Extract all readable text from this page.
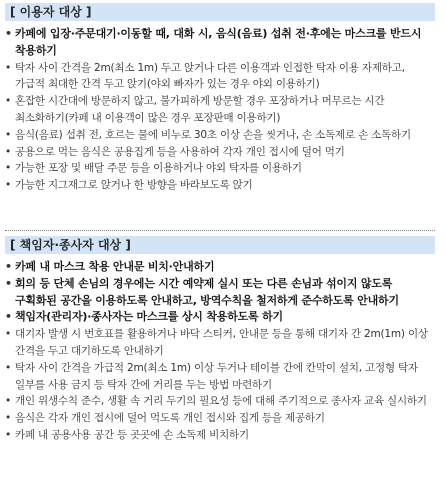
[ 이용자 대상 ]
• 카페에 입장·주문대기·이동할 때, 대화 시, 음식(음료) 섭취 전·후에는 마스크를 반드시 착용하기
• 탁자 사이 간격을 2m(최소 1m) 두고 앉거나 다른 이용객과 인접한 탁자 이용 자제하고, 가급적 최대한 간격 두고 앉기(야외 빠자가 있는 경우 야외 이용하기)
• 혼잡한 시간대에 방문하지 않고, 불가피하게 방문할 경우 포장하거나 머무르는 시간 최소화하기(카페 내 이용객이 많은 경우 포장판매 이용하기)
• 음식(음료) 섭취 전, 호르는 물에 비누로 30초 이상 손을 씻거나, 손 소독제로 손 소독하기
• 공용으로 먹는 음식은 공용집게 등을 사용하여 각자 개인 접시에 덜어 먹기
• 가능한 포장 및 배달 주문 등을 이용하거나 야외 탁자를 이용하기
• 가능한 지그재그로 앉거나 한 방향을 바라보도록 앉기
[ 책임자·종사자 대상 ]
• 카페 내 마스크 착용 안내문 비치·안내하기
• 회의 등 단체 손님의 경우에는 시간 예약제 실시 또는 다른 손님과 섞이지 않도록 구획화된 공간을 이용하도록 안내하고, 방역수칙을 철저하게 준수하도록 안내하기
• 책임자(관리자)·종사자는 마스크를 상시 착용하도록 하기
• 대기자 발생 시 번호표를 활용하거나 바닥 스티커, 안내문 등을 통해 대기자 간 2m(1m) 이상 간격을 두고 대기하도록 안내하기
• 탁자 사이 간격을 가급적 2m(최소 1m) 이상 두거나 테이블 간에 칸막이 설치, 고정형 탁자 일부를 사용 금지 등 탁자 간에 거리를 두는 방법 마련하기
• 개인 위생수칙 준수, 생활 속 거리 두기의 필요성 등에 대해 주기적으로 종사자 교육 실시하기
• 음식은 각자 개인 접시에 덜어 먹도록 개인 접시와 집게 등을 제공하기
• 카페 내 공용사용 공간 등 곳곳에 손 소독제 비치하기
